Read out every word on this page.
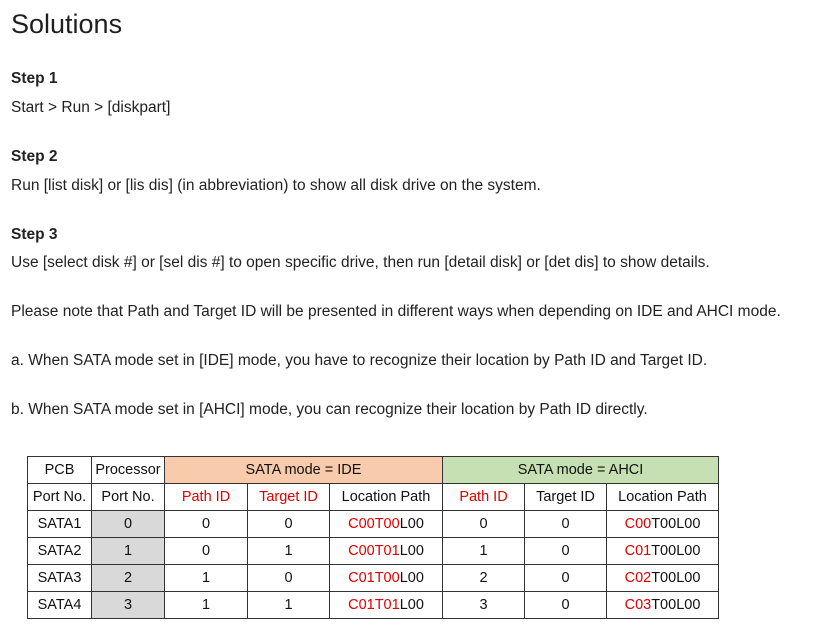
Solutions
Step 1
Start > Run > [diskpart]
Step 2
Run [list disk] or [lis dis] (in abbreviation) to show all disk drive on the system.
Step 3
Use [select disk #] or [sel dis #] to open specific drive, then run [detail disk] or [det dis] to show details.
Please note that Path and Target ID will be presented in different ways when depending on IDE and AHCI mode.
a. When SATA mode set in [IDE] mode, you have to recognize their location by Path ID and Target ID.
b. When SATA mode set in [AHCI] mode, you can recognize their location by Path ID directly.
PCB	Processor	SATA mode = IDE			SATA mode = AHCI		
Port No.	Port No.	Path ID	Target ID	Location Path	Path ID	Target ID	Location Path
SATA1	0	0	0	C00T00L00	0	0	C00T00L00
SATA2	1	0	1	C00T01L00	1	0	C01T00L00
SATA3	2	1	0	C01T00L00	2	0	C02T00L00
SATA4	3	1	1	C01T01L00	3	0	C03T00L00
